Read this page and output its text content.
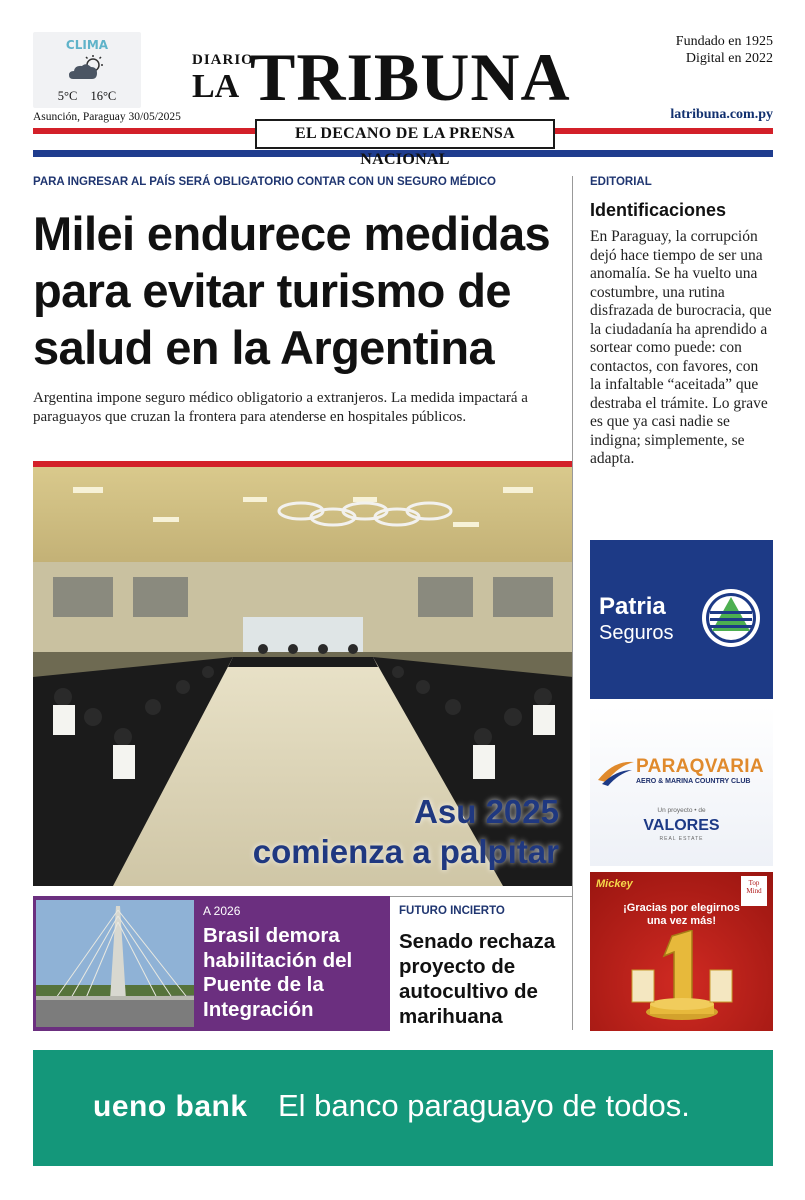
CLIMA
5°C 16°C
DIARIO
LA TRIBUNA	Fundado en 1925
Digital en 2022
Asunción, Paraguay 30/05/2025	latribuna.com.py
EL DECANO DE LA PRENSA NACIONAL
PARA INGRESAR AL PAÍS SERÁ OBLIGATORIO CONTAR CON UN SEGURO MÉDICO
Milei endurece medidas para evitar turismo de salud en la Argentina
Argentina impone seguro médico obligatorio a extranjeros. La medida impactará a paraguayos que cruzan la frontera para atenderse en hospitales públicos.
Asu 2025
comienza a palpitar
EDITORIAL
Identificaciones
En Paraguay, la corrupción dejó hace tiempo de ser una anomalía. Se ha vuelto una costumbre, una rutina disfrazada de burocracia, que la ciudadanía ha aprendido a sortear como puede: con contactos, con favores, con la infaltable “aceitada” que destraba el trámite. Lo grave es que ya casi nadie se indigna; simplemente, se adapta.
Patria
Seguros
PARAQVARIA
AERO & MARINA COUNTRY CLUB
Un proyecto • de
VALORES
REAL ESTATE
Mickey	Top Mind
¡Gracias por elegirnos
una vez más!
A 2026
Brasil demora habilitación del Puente de la Integración
FUTURO INCIERTO
Senado rechaza proyecto de autocultivo de marihuana
ueno bank El banco paraguayo de todos.
